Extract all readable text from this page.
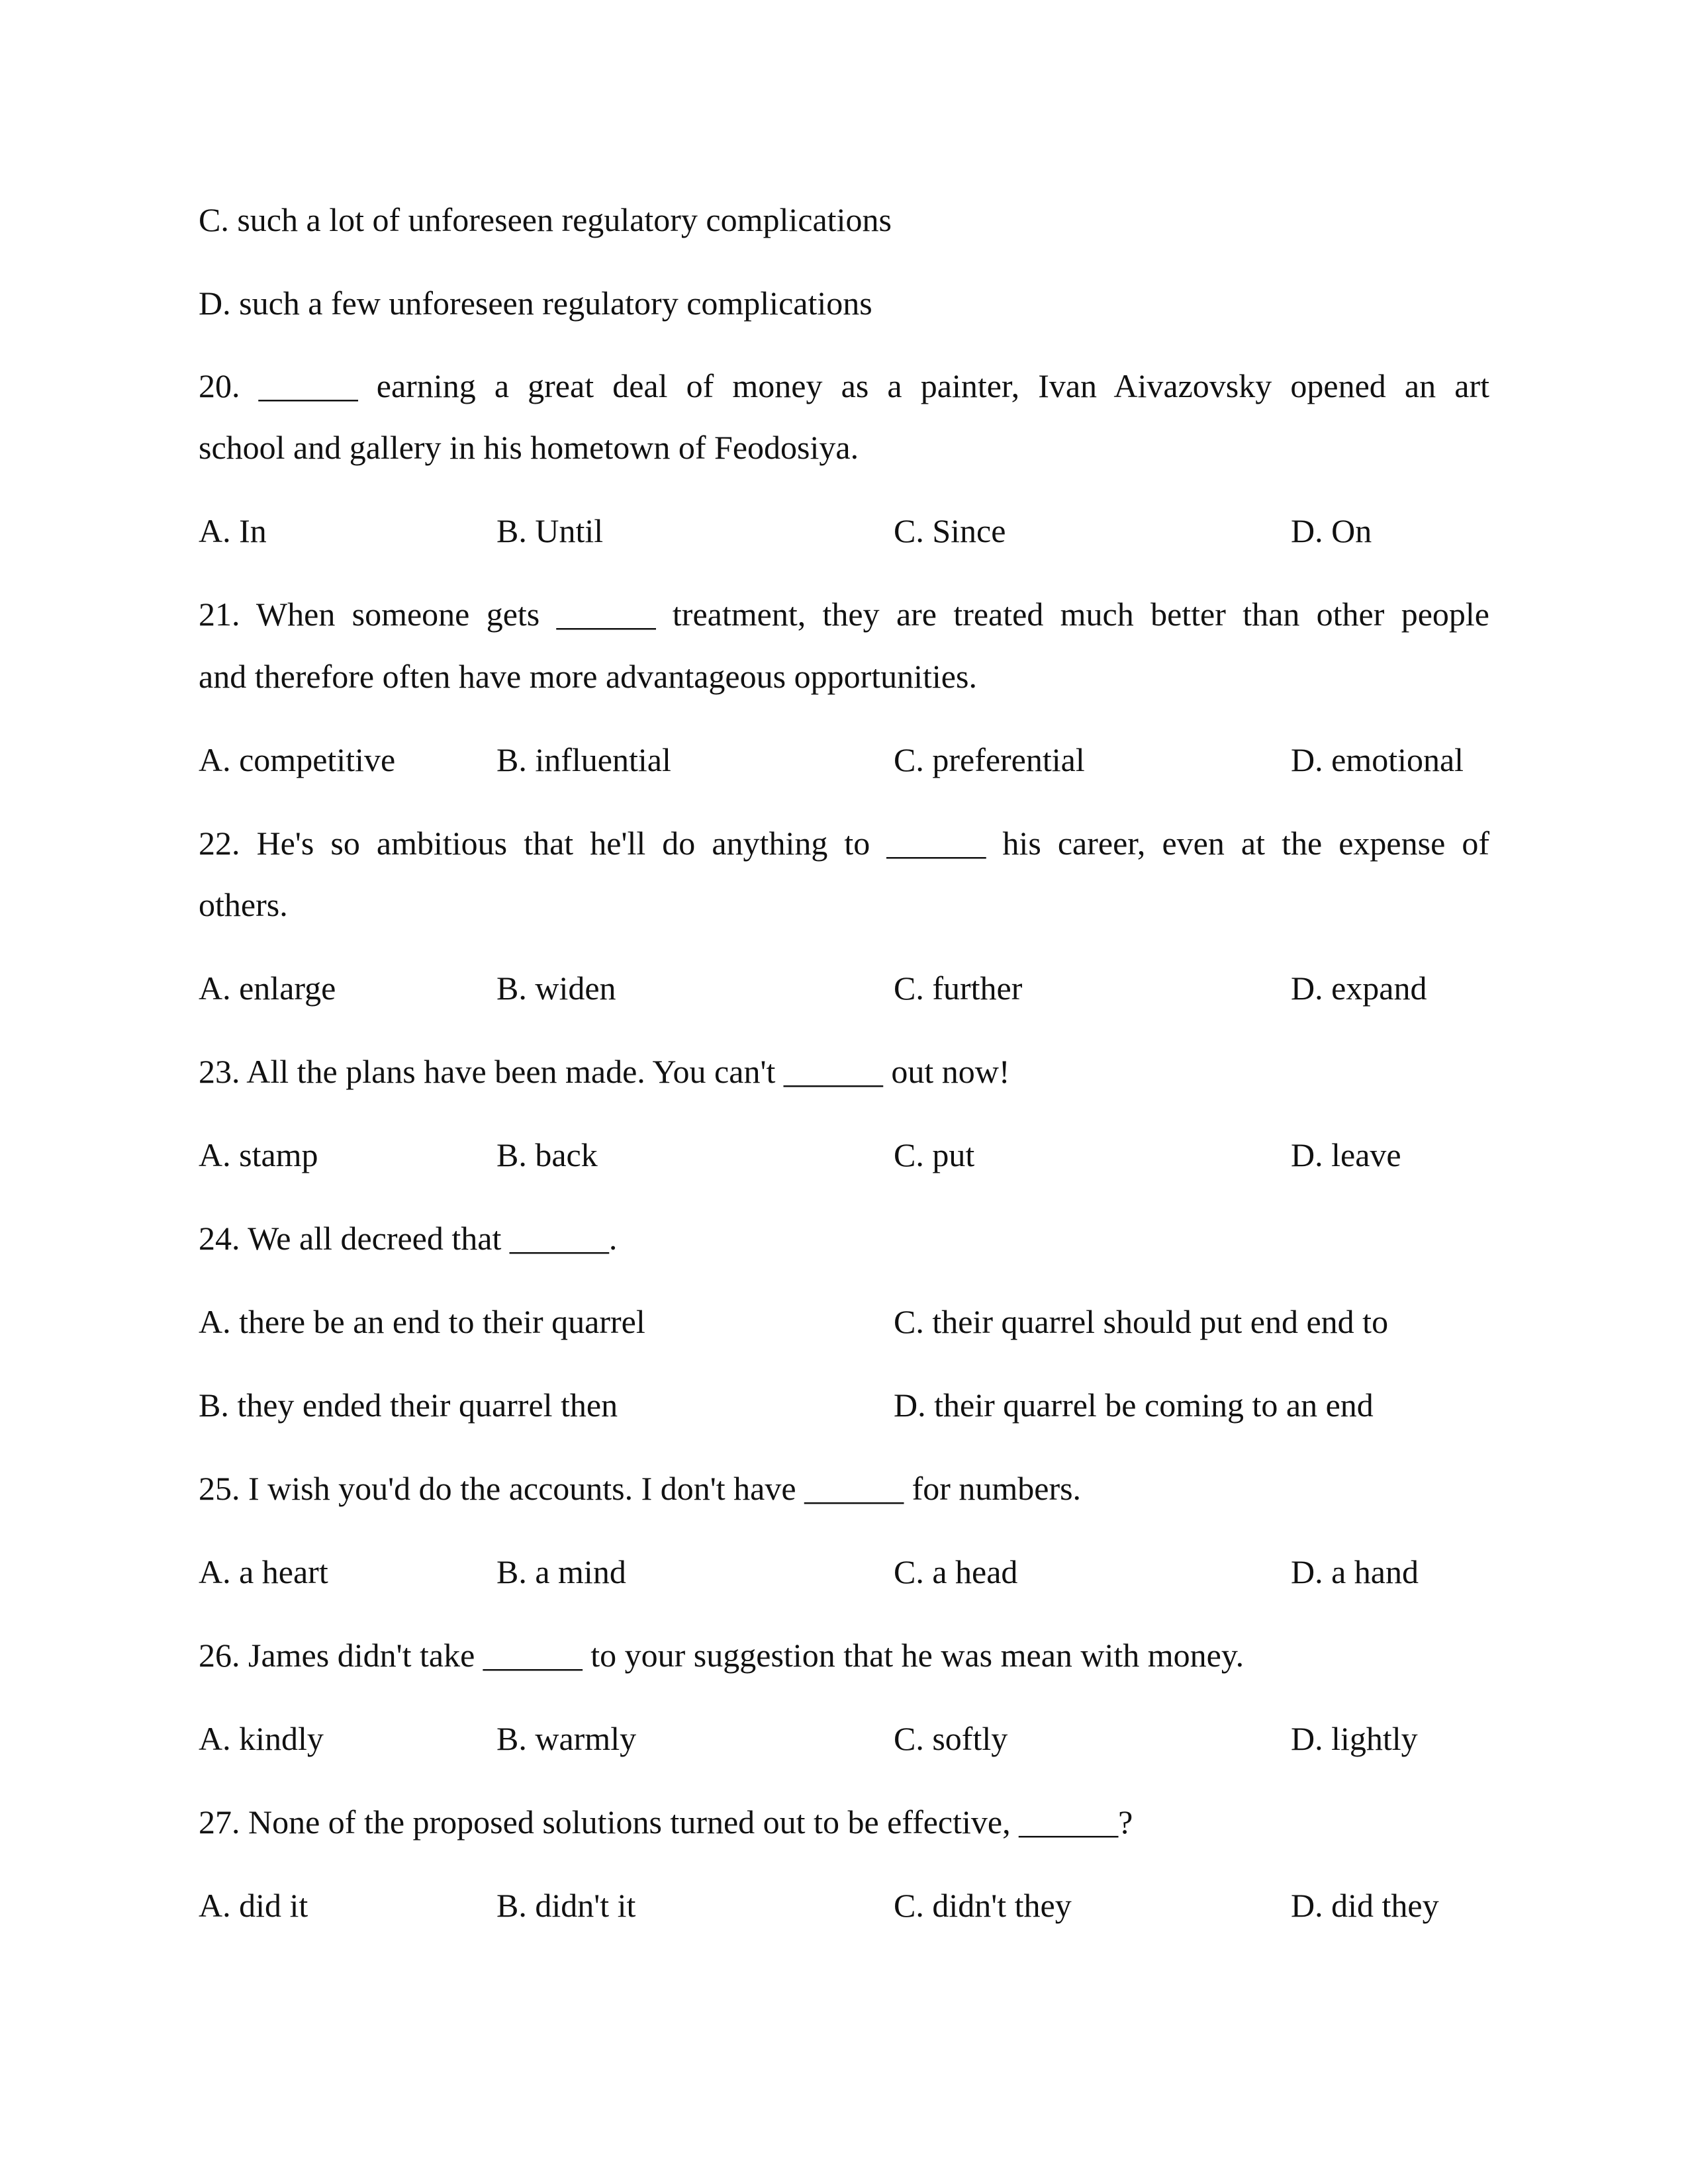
C. such a lot of unforeseen regulatory complications
D. such a few unforeseen regulatory complications
20. ______ earning a great deal of money as a painter, Ivan Aivazovsky opened an art
school and gallery in his hometown of Feodosiya.
A. In	B. Until	C. Since	D. On
21. When someone gets ______ treatment, they are treated much better than other people
and therefore often have more advantageous opportunities.
A. competitive	B. influential	C. preferential	D. emotional
22. He's so ambitious that he'll do anything to ______ his career, even at the expense of
others.
A. enlarge	B. widen	C. further	D. expand
23. All the plans have been made. You can't ______ out now!
A. stamp	B. back	C. put	D. leave
24. We all decreed that ______.
A. there be an end to their quarrel	C. their quarrel should put end end to
B. they ended their quarrel then	D. their quarrel be coming to an end
25. I wish you'd do the accounts. I don't have ______ for numbers.
A. a heart	B. a mind	C. a head	D. a hand
26. James didn't take ______ to your suggestion that he was mean with money.
A. kindly	B. warmly	C. softly	D. lightly
27. None of the proposed solutions turned out to be effective, ______?
A. did it	B. didn't it	C. didn't they	D. did they
